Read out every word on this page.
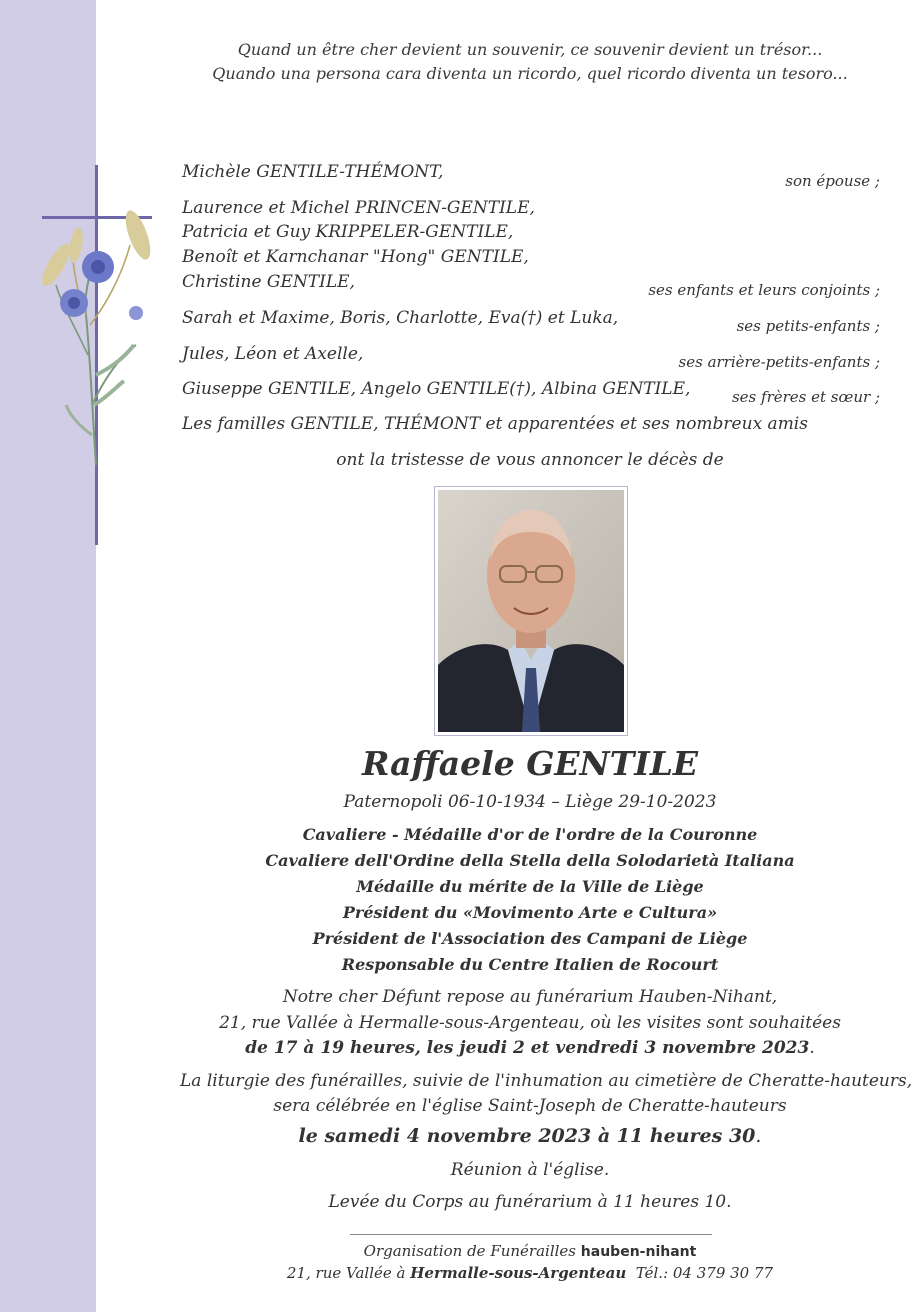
Quand un être cher devient un souvenir, ce souvenir devient un trésor...
Quando una persona cara diventa un ricordo, quel ricordo diventa un tesoro...
Michèle GENTILE-THÉMONT,	son épouse ;
Laurence et Michel PRINCEN-GENTILE,
Patricia et Guy KRIPPELER-GENTILE,
Benoît et Karnchanar "Hong" GENTILE,
Christine GENTILE,	ses enfants et leurs conjoints ;
Sarah et Maxime, Boris, Charlotte, Eva(†) et Luka,	ses petits-enfants ;
Jules, Léon et Axelle,	ses arrière-petits-enfants ;
Giuseppe GENTILE, Angelo GENTILE(†), Albina GENTILE,	ses frères et sœur ;
Les familles GENTILE, THÉMONT et apparentées et ses nombreux amis
ont la tristesse de vous annoncer le décès de
Raffaele GENTILE
Paternopoli 06-10-1934 – Liège 29-10-2023
Cavaliere - Médaille d'or de l'ordre de la Couronne
Cavaliere dell'Ordine della Stella della Solodarietà Italiana
Médaille du mérite de la Ville de Liège
Président du «Movimento Arte e Cultura»
Président de l'Association des Campani de Liège
Responsable du Centre Italien de Rocourt
Notre cher Défunt repose au funérarium Hauben-Nihant,
21, rue Vallée à Hermalle-sous-Argenteau, où les visites sont souhaitées
de 17 à 19 heures, les jeudi 2 et vendredi 3 novembre 2023.
La liturgie des funérailles, suivie de l'inhumation au cimetière de Cheratte-hauteurs,
sera célébrée en l'église Saint-Joseph de Cheratte-hauteurs
le samedi 4 novembre 2023 à 11 heures 30.
Réunion à l'église.
Levée du Corps au funérarium à 11 heures 10.
Organisation de Funérailles hauben-nihant
21, rue Vallée à Hermalle-sous-Argenteau Tél.: 04 379 30 77
